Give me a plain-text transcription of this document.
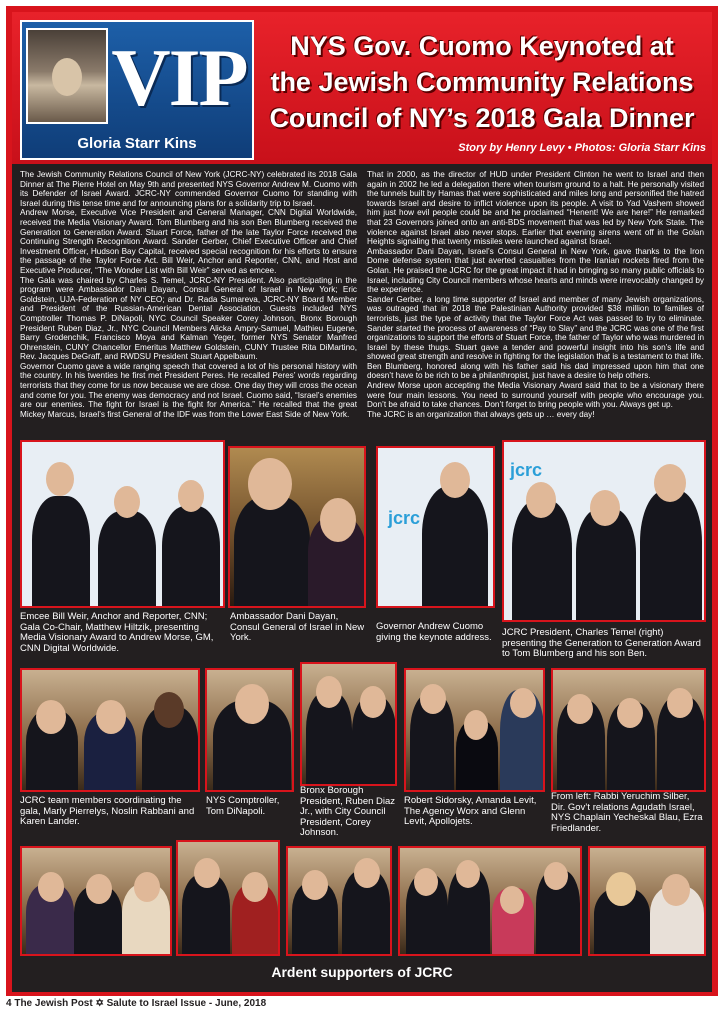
VIP
Gloria Starr Kins
NYS Gov. Cuomo Keynoted at
the Jewish Community Relations
Council of NY’s 2018 Gala Dinner
Story by Henry Levy • Photos: Gloria Starr Kins

The Jewish Community Relations Council of New York (JCRC-NY) celebrated its 2018 Gala Dinner at The Pierre Hotel on May 9th and presented NYS Governor Andrew M. Cuomo with its Defender of Israel Award. JCRC-NY commended Governor Cuomo for standing with Israel during this tense time and for announcing plans for a solidarity trip to Israel.

Andrew Morse, Executive Vice President and General Manager, CNN Digital Worldwide, received the Media Visionary Award. Tom Blumberg and his son Ben Blumberg received the Generation to Generation Award. Stuart Force, father of the late Taylor Force received the Continuing Strength Recognition Award. Sander Gerber, Chief Executive Officer and Chief Investment Officer, Hudson Bay Capital, received special recognition for his efforts to ensure the passage of the Taylor Force Act. Bill Weir, Anchor and Reporter, CNN, and Host and Executive Producer, “The Wonder List with Bill Weir” served as emcee.

The Gala was chaired by Charles S. Temel, JCRC-NY President. Also participating in the program were Ambassador Dani Dayan, Consul General of Israel in New York; Eric Goldstein, UJA-Federation of NY CEO; and Dr. Rada Sumareva, JCRC-NY Board Member and President of the Russian-American Dental Association. Guests included NYS Comptroller Thomas P. DiNapoli, NYC Council Speaker Corey Johnson, Bronx Borough President Ruben Diaz, Jr., NYC Council Members Alicka Ampry-Samuel, Mathieu Eugene, Barry Grodenchik, Francisco Moya and Kalman Yeger, former NYS Senator Manfred Ohrenstein, CUNY Chancellor Emeritus Matthew Goldstein, CUNY Trustee Rita DiMartino, Rev. Jacques DeGraff, and RWDSU President Stuart Appelbaum.

Governor Cuomo gave a wide ranging speech that covered a lot of his personal history with the country. In his twenties he first met President Peres. He recalled Peres’ words regarding terrorists that they come for us now because we are close. One day they will cross the ocean and come for you. The enemy was democracy and not Israel. Cuomo said, “Israel’s enemies are our enemies. The fight for Israel is the fight for America.” He recalled that the great Mickey Marcus, Israel’s first General of the IDF was from the Lower East Side of New York.

That in 2000, as the director of HUD under President Clinton he went to Israel and then again in 2002 he led a delegation there when tourism ground to a halt. He personally visited the tunnels built by Hamas that were sophisticated and miles long and personified the hatred towards Israel and desire to inflict violence upon its people. A visit to Yad Vashem showed him just how evil people could be and he proclaimed “Henent! We are here!” He remarked that 23 Governors joined onto an anti-BDS movement that was led by New York State. The violence against Israel also never stops. Earlier that evening sirens went off in the Golan Heights signaling that twenty missiles were launched against Israel.

Ambassador Dani Dayan, Israel’s Consul General in New York, gave thanks to the Iron Dome defense system that just averted casualties from the Iranian rockets fired from the Golan. He praised the JCRC for the great impact it had in bringing so many public officials to Israel, including City Council members whose hearts and minds were irrevocably changed by the experience.

Sander Gerber, a long time supporter of Israel and member of many Jewish organizations, was outraged that in 2018 the Palestinian Authority provided $38 million to families of terrorists, just the type of activity that the Taylor Force Act was passed to try to eliminate. Sander started the process of awareness of “Pay to Slay” and the JCRC was one of the first organizations to support the efforts of Stuart Force, the father of Taylor who was murdered in Israel by these thugs. Stuart gave a tender and powerful insight into his son’s life and showed great strength and resolve in fighting for the legislation that is a testament to that life.

Ben Blumberg, honored along with his father said his dad impressed upon him that one doesn’t have to be rich to be a philanthropist, just have a desire to help others.

Andrew Morse upon accepting the Media Visionary Award said that to be a visionary there were four main lessons. You need to surround yourself with people who encourage you. Don’t be afraid to take chances. Don’t forget to bring people with you. Always get up.

The JCRC is an organization that always gets up … every day!

jcrc
jcrc
Emcee Bill Weir, Anchor and Reporter, CNN; Gala Co-Chair, Matthew Hiltzik, presenting Media Visionary Award to Andrew Morse, GM, CNN Digital Worldwide.
Ambassador Dani Dayan, Consul General of Israel in New York.
Governor Andrew Cuomo giving the keynote address.	JCRC President, Charles Temel (right) presenting the Generation to Generation Award to Tom Blumberg and his son Ben.
JCRC team members coordinating the gala, Marly Pierrelys, Noslin Rabbani and Karen Lander.
NYS Comptroller, Tom DiNapoli.
Bronx Borough President, Ruben Diaz Jr., with City Council President, Corey Johnson.
Robert Sidorsky, Amanda Levit, The Agency Worx and Glenn Levit, Apollojets.
From left: Rabbi Yeruchim Silber, Dir. Gov’t relations Agudath Israel, NYS Chaplain Yecheskal Blau, Ezra Friedlander.
Ardent supporters of JCRC
4 The Jewish Post ✡ Salute to Israel Issue - June, 2018
